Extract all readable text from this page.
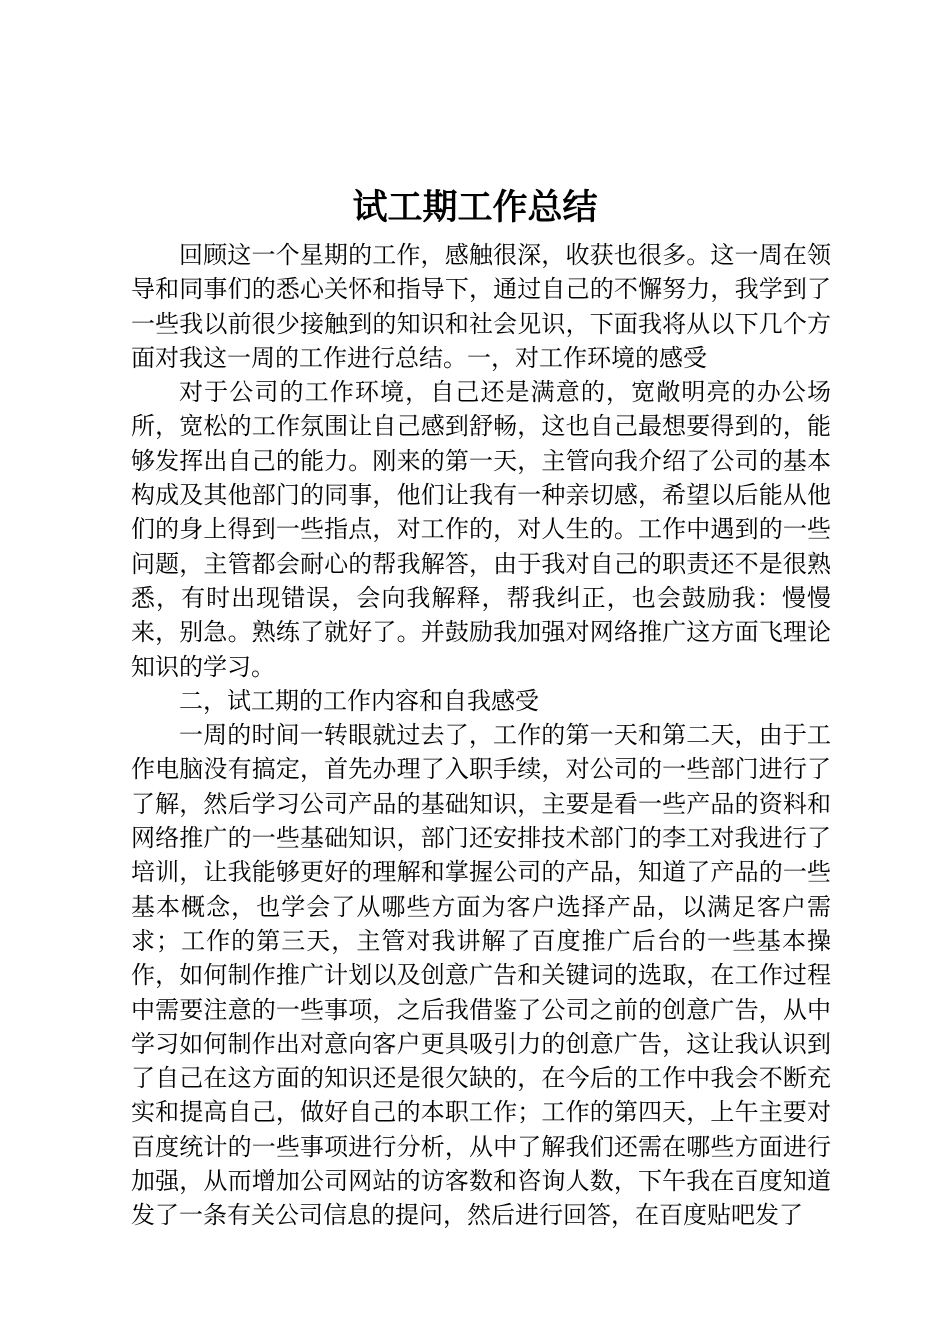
试工期工作总结

回顾这一个星期的工作，感触很深，收获也很多。这一周在领导和同事们的悉心关怀和指导下，通过自己的不懈努力，我学到了一些我以前很少接触到的知识和社会见识，下面我将从以下几个方面对我这一周的工作进行总结。一，对工作环境的感受

对于公司的工作环境，自己还是满意的，宽敞明亮的办公场所，宽松的工作氛围让自己感到舒畅，这也自己最想要得到的，能够发挥出自己的能力。刚来的第一天，主管向我介绍了公司的基本构成及其他部门的同事，他们让我有一种亲切感，希望以后能从他们的身上得到一些指点，对工作的，对人生的。工作中遇到的一些问题，主管都会耐心的帮我解答，由于我对自己的职责还不是很熟悉，有时出现错误，会向我解释，帮我纠正，也会鼓励我：慢慢来，别急。熟练了就好了。并鼓励我加强对网络推广这方面飞理论知识的学习。

二，试工期的工作内容和自我感受

一周的时间一转眼就过去了，工作的第一天和第二天，由于工作电脑没有搞定，首先办理了入职手续，对公司的一些部门进行了了解，然后学习公司产品的基础知识，主要是看一些产品的资料和网络推广的一些基础知识，部门还安排技术部门的李工对我进行了培训，让我能够更好的理解和掌握公司的产品，知道了产品的一些基本概念，也学会了从哪些方面为客户选择产品，以满足客户需求；工作的第三天，主管对我讲解了百度推广后台的一些基本操作，如何制作推广计划以及创意广告和关键词的选取，在工作过程中需要注意的一些事项，之后我借鉴了公司之前的创意广告，从中学习如何制作出对意向客户更具吸引力的创意广告，这让我认识到了自己在这方面的知识还是很欠缺的，在今后的工作中我会不断充实和提高自己，做好自己的本职工作；工作的第四天，上午主要对百度统计的一些事项进行分析，从中了解我们还需在哪些方面进行加强，从而增加公司网站的访客数和咨询人数，下午我在百度知道发了一条有关公司信息的提问，然后进行回答，在百度贴吧发了
